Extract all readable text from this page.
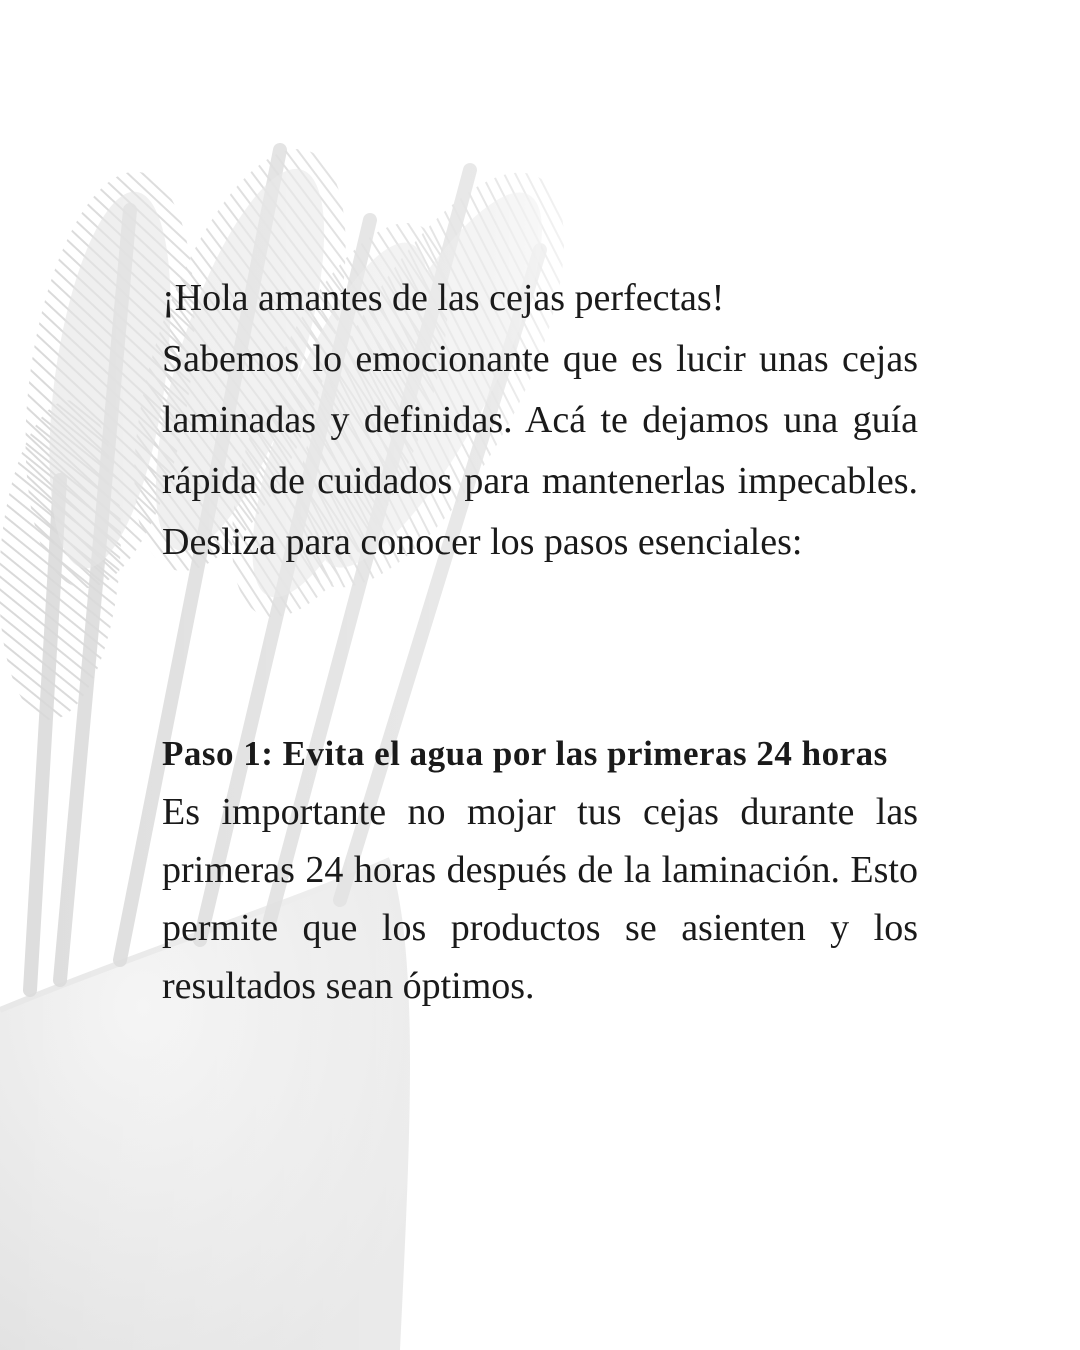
¡Hola amantes de las cejas perfectas!
Sabemos lo emocionante que es lucir unas cejas laminadas y definidas. Acá te dejamos una guía rápida de cuidados para mantenerlas impecables. Desliza para conocer los pasos esenciales:

Paso 1: Evita el agua por las primeras 24 horas

Es importante no mojar tus cejas durante las primeras 24 horas después de la laminación. Esto permite que los productos se asienten y los resultados sean óptimos.
